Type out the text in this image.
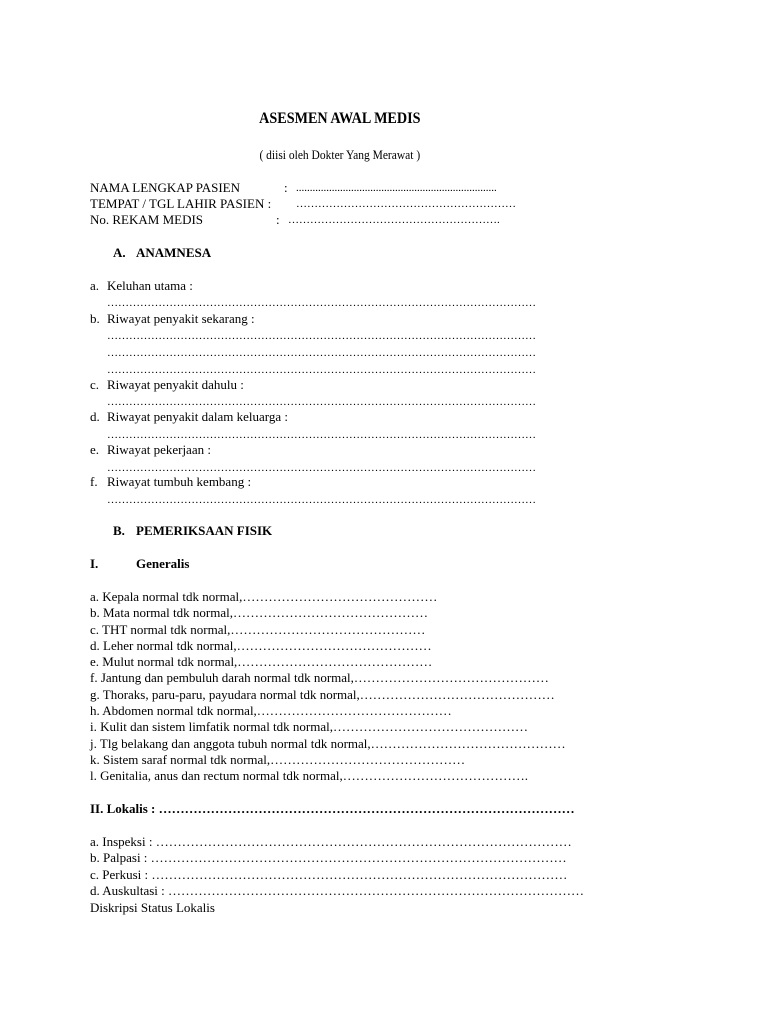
ASESMEN AWAL MEDIS
( diisi oleh Dokter Yang Merawat )
NAMA LENGKAP PASIEN	: .........................................................................
TEMPAT / TGL LAHIR PASIEN : ……………………………………………………
No. REKAM MEDIS	: ………………………………………………….
A. ANAMNESA
a. Keluhan utama :
………………………………………………………………………………………………………
b. Riwayat penyakit sekarang :
………………………………………………………………………………………………………
………………………………………………………………………………………………………
………………………………………………………………………………………………………
c. Riwayat penyakit dahulu :
………………………………………………………………………………………………………
d. Riwayat penyakit dalam keluarga :
………………………………………………………………………………………………………
e. Riwayat pekerjaan :
………………………………………………………………………………………………………
f. Riwayat tumbuh kembang :
………………………………………………………………………………………………………
B. PEMERIKSAAN FISIK
I.	Generalis
a. Kepala normal tdk normal,………………………………………
b. Mata normal tdk normal,………………………………………
c. THT normal tdk normal,………………………………………
d. Leher normal tdk normal,………………………………………
e. Mulut normal tdk normal,………………………………………
f. Jantung dan pembuluh darah normal tdk normal,………………………………………
g. Thoraks, paru-paru, payudara normal tdk normal,………………………………………
h. Abdomen normal tdk normal,………………………………………
i. Kulit dan sistem limfatik normal tdk normal,………………………………………
j. Tlg belakang dan anggota tubuh normal tdk normal,………………………………………
k. Sistem saraf normal tdk normal,………………………………………
l. Genitalia, anus dan rectum normal tdk normal,…………………………………….
II. Lokalis : ……………………………………………………………………………………
a. Inspeksi : ……………………………………………………………………………………
b. Palpasi : ……………………………………………………………………………………
c. Perkusi : ……………………………………………………………………………………
d. Auskultasi : ……………………………………………………………………………………
Diskripsi Status Lokalis
